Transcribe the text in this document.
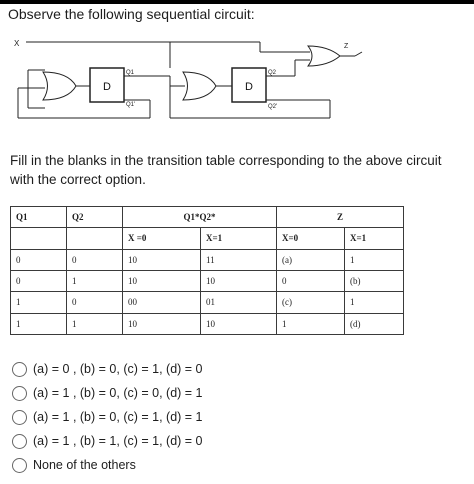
Observe the following sequential circuit:
X
D
Q1
Q1'
D
Q2
Q2'
Z
Fill in the blanks in the transition table corresponding to the above circuit with the correct option.
Q1	Q2	Q1*Q2*		Z	
		X =0	X=1	X=0	X=1
0	0	10	11	(a)	1
0	1	10	10	0	(b)
1	0	00	01	(c)	1
1	1	10	10	1	(d)
(a) = 0 , (b) = 0, (c) = 1, (d) = 0
(a) = 1 , (b) = 0, (c) = 0, (d) = 1
(a) = 1 , (b) = 0, (c) = 1, (d) = 1
(a) = 1 , (b) = 1, (c) = 1, (d) = 0
None of the others
